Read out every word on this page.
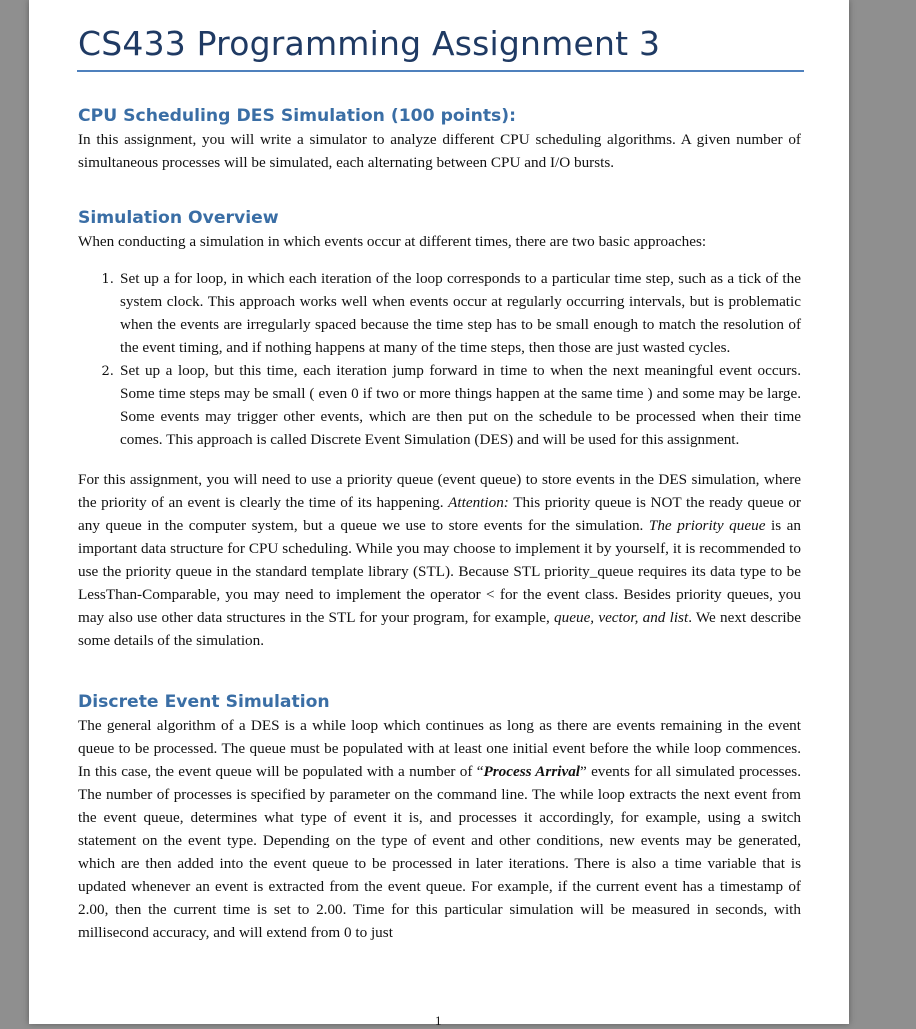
CS433 Programming Assignment 3
CPU Scheduling DES Simulation (100 points):

In this assignment, you will write a simulator to analyze different CPU scheduling algorithms. A given number of simultaneous processes will be simulated, each alternating between CPU and I/O bursts.

Simulation Overview

When conducting a simulation in which events occur at different times, there are two basic approaches:

1. Set up a for loop, in which each iteration of the loop corresponds to a particular time step, such as a tick of the system clock. This approach works well when events occur at regularly occurring intervals, but is problematic when the events are irregularly spaced because the time step has to be small enough to match the resolution of the event timing, and if nothing happens at many of the time steps, then those are just wasted cycles.
2. Set up a loop, but this time, each iteration jump forward in time to when the next meaningful event occurs. Some time steps may be small ( even 0 if two or more things happen at the same time ) and some may be large. Some events may trigger other events, which are then put on the schedule to be processed when their time comes. This approach is called Discrete Event Simulation (DES) and will be used for this assignment.

For this assignment, you will need to use a priority queue (event queue) to store events in the DES simulation, where the priority of an event is clearly the time of its happening. Attention: This priority queue is NOT the ready queue or any queue in the computer system, but a queue we use to store events for the simulation. The priority queue is an important data structure for CPU scheduling. While you may choose to implement it by yourself, it is recommended to use the priority queue in the standard template library (STL). Because STL priority_queue requires its data type to be LessThan-Comparable, you may need to implement the operator < for the event class. Besides priority queues, you may also use other data structures in the STL for your program, for example, queue, vector, and list. We next describe some details of the simulation.

Discrete Event Simulation

The general algorithm of a DES is a while loop which continues as long as there are events remaining in the event queue to be processed. The queue must be populated with at least one initial event before the while loop commences. In this case, the event queue will be populated with a number of “Process Arrival” events for all simulated processes. The number of processes is specified by parameter on the command line. The while loop extracts the next event from the event queue, determines what type of event it is, and processes it accordingly, for example, using a switch statement on the event type. Depending on the type of event and other conditions, new events may be generated, which are then added into the event queue to be processed in later iterations. There is also a time variable that is updated whenever an event is extracted from the event queue. For example, if the current event has a timestamp of 2.00, then the current time is set to 2.00. Time for this particular simulation will be measured in seconds, with millisecond accuracy, and will extend from 0 to just

1
